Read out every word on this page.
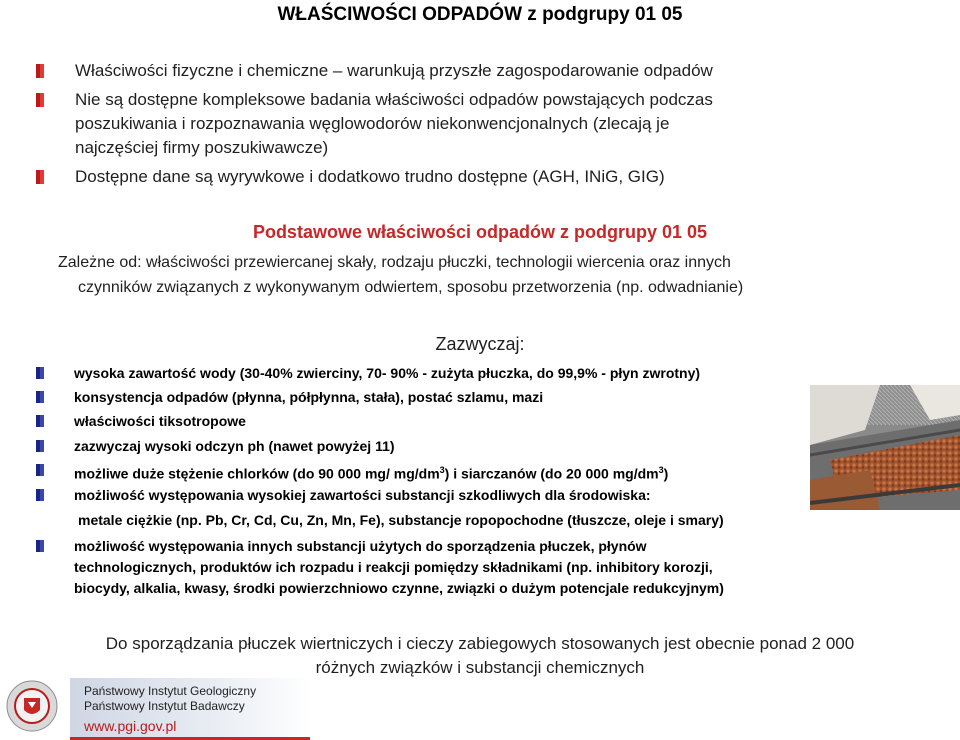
WŁAŚCIWOŚCI ODPADÓW z podgrupy 01 05
Właściwości fizyczne i chemiczne – warunkują przyszłe zagospodarowanie odpadów
Nie są dostępne kompleksowe badania właściwości odpadów powstających podczas
poszukiwania i rozpoznawania węglowodorów niekonwencjonalnych (zlecają je
najczęściej firmy poszukiwawcze)
Dostępne dane są wyrywkowe i dodatkowo trudno dostępne (AGH, INiG, GIG)
Podstawowe właściwości odpadów z podgrupy 01 05
Zależne od: właściwości przewiercanej skały, rodzaju płuczki, technologii wiercenia oraz innych
czynników związanych z wykonywanym odwiertem, sposobu przetworzenia (np. odwadnianie)
Zazwyczaj:
wysoka zawartość wody (30-40% zwierciny, 70- 90% - zużyta płuczka, do 99,9% - płyn zwrotny)
konsystencja odpadów (płynna, półpłynna, stała), postać szlamu, mazi
właściwości tiksotropowe
zazwyczaj wysoki odczyn ph (nawet powyżej 11)
możliwe duże stężenie chlorków (do 90 000 mg/ $mg/dm^3$) i siarczanów (do 20 000 $mg/dm^3$)
możliwość występowania wysokiej zawartości substancji szkodliwych dla środowiska:
metale ciężkie (np. Pb, Cr, Cd, Cu, Zn, Mn, Fe), substancje ropopochodne (tłuszcze, oleje i smary)
możliwość występowania innych substancji użytych do sporządzenia płuczek, płynów
technologicznych, produktów ich rozpadu i reakcji pomiędzy składnikami (np. inhibitory korozji,
biocydy, alkalia, kwasy, środki powierzchniowo czynne, związki o dużym potencjale redukcyjnym)
Do sporządzania płuczek wiertniczych i cieczy zabiegowych stosowanych jest obecnie ponad 2 000
różnych związków i substancji chemicznych
Państwowy Instytut Geologiczny
Państwowy Instytut Badawczy
www.pgi.gov.pl
